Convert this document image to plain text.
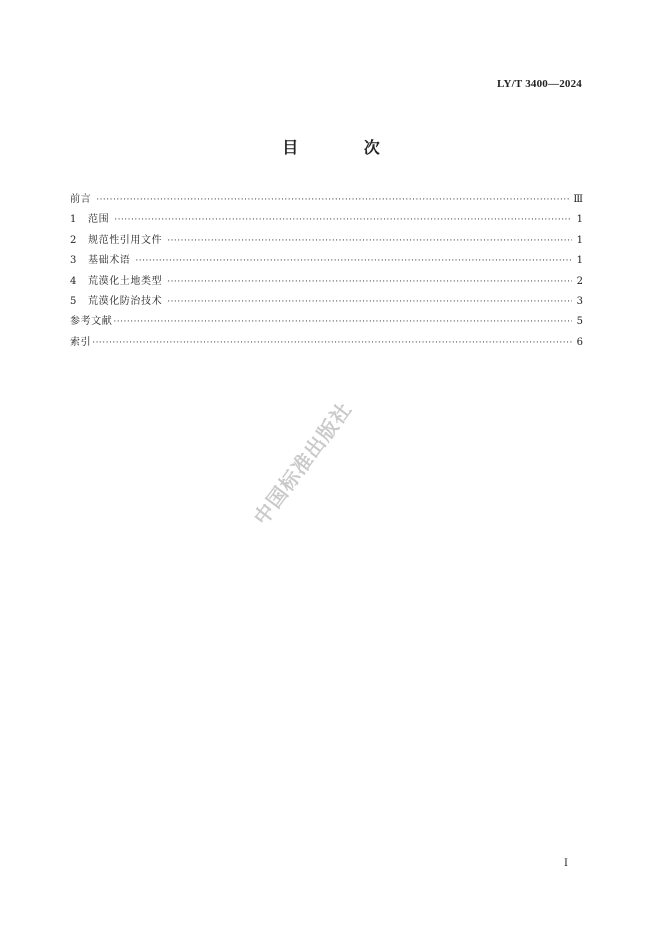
LY/T 3400—2024
目 次
前言 ·····	Ⅲ
1	范围 ·····	1
2	规范性引用文件 ·····	1
3	基础术语 ·····	1
4	荒漠化土地类型 ·····	2
5	荒漠化防治技术 ·····	3
参考文献 ·····	5
索引 ·····	6
中国标准出版社
Ⅰ
